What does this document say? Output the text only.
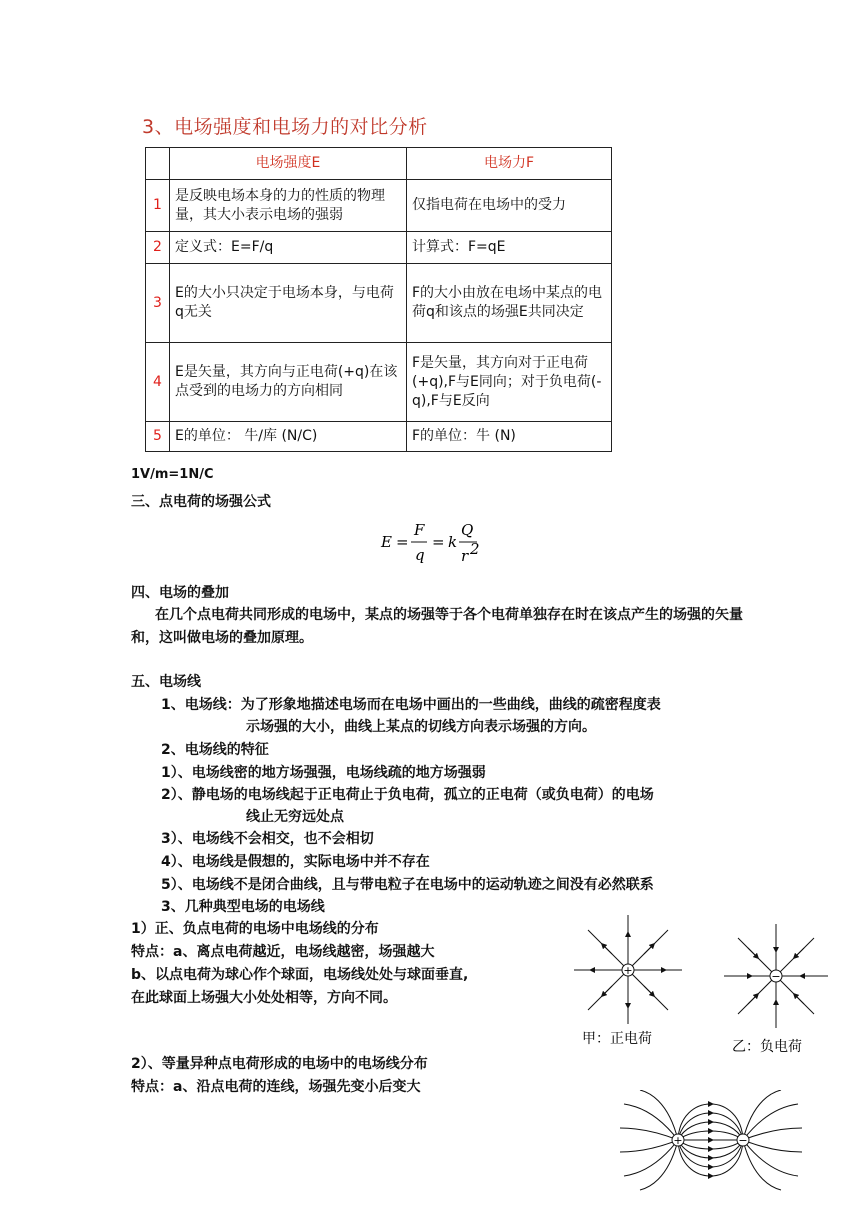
3、电场强度和电场力的对比分析
	电场强度E	电场力F
1	是反映电场本身的力的性质的物理量，其大小表示电场的强弱	仅指电荷在电场中的受力
2	定义式：E=F/q	计算式：F=qE
3	E的大小只决定于电场本身，与电荷q无关	F的大小由放在电场中某点的电荷q和该点的场强E共同决定
4	E是矢量，其方向与正电荷(+q)在该点受到的电场力的方向相同	F是矢量，其方向对于正电荷(+q),F与E同向；对于负电荷(-q),F与E反向
5	E的单位： 牛/库 (N/C)	F的单位：牛 (N)
1V/m=1N/C
三、点电荷的场强公式
E =
F
q
= k
Q
r 2
四、电场的叠加
在几个点电荷共同形成的电场中，某点的场强等于各个电荷单独存在时在该点产生的场强的矢量和，这叫做电场的叠加原理。
五、电场线
1、电场线：为了形象地描述电场而在电场中画出的一些曲线，曲线的疏密程度表
示场强的大小，曲线上某点的切线方向表示场强的方向。
2、电场线的特征
1）、电场线密的地方场强强，电场线疏的地方场强弱
2）、静电场的电场线起于正电荷止于负电荷，孤立的正电荷（或负电荷）的电场
线止无穷远处点
3）、电场线不会相交，也不会相切
4）、电场线是假想的，实际电场中并不存在
5）、电场线不是闭合曲线，且与带电粒子在电场中的运动轨迹之间没有必然联系
3、几种典型电场的电场线
1）正、负点电荷的电场中电场线的分布
特点：a、离点电荷越近，电场线越密，场强越大
b、以点电荷为球心作个球面，电场线处处与球面垂直,
在此球面上场强大小处处相等，方向不同。
2）、等量异种点电荷形成的电场中的电场线分布
特点：a、沿点电荷的连线，场强先变小后变大
+
甲：正电荷
−
乙：负电荷
+	−
